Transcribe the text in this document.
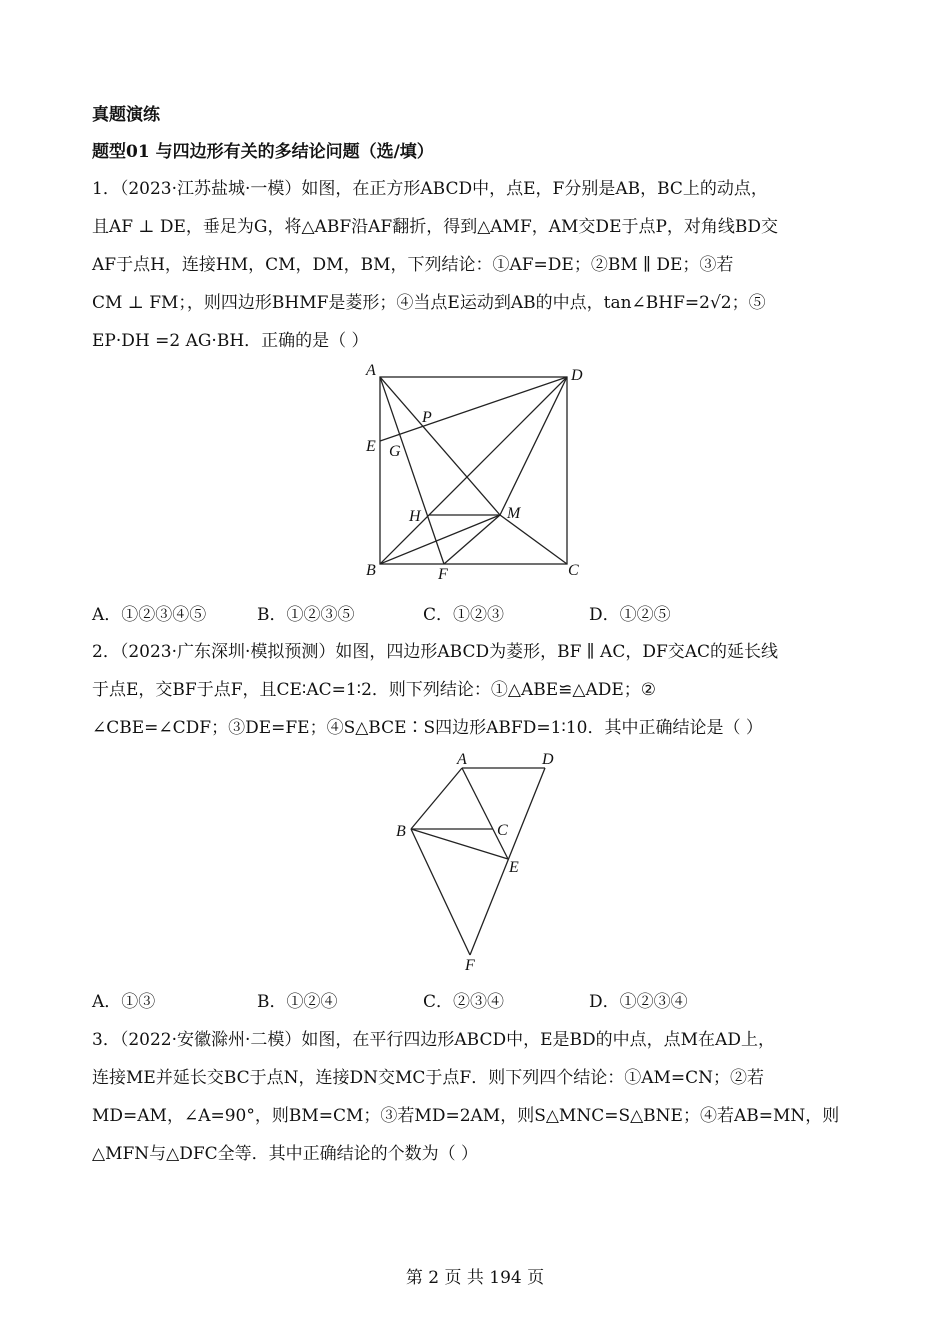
真题演练
题型01 与四边形有关的多结论问题（选/填）
1．（2023·江苏盐城·一模）如图，在正方形ABCD中，点E，F分别是AB，BC上的动点，
且AF ⊥ DE，垂足为G，将△ABF沿AF翻折，得到△AMF，AM交DE于点P，对角线BD交
AF于点H，连接HM，CM，DM，BM，下列结论：①AF=DE；②BM ∥ DE；③若
CM ⊥ FM；，则四边形BHMF是菱形；④当点E运动到AB的中点，tan∠BHF=2√2；⑤
EP·DH =2 AG·BH．正确的是（ ）
A	D
P
E G
H	M
B	F	C
A．①②③④⑤	B．①②③⑤	C．①②③	D．①②⑤
2．（2023·广东深圳·模拟预测）如图，四边形ABCD为菱形，BF ∥ AC，DF交AC的延长线
于点E，交BF于点F，且CE∶AC=1∶2．则下列结论：①△ABE≌△ADE；②
∠CBE=∠CDF；③DE=FE；④S△BCE∶S四边形ABFD=1∶10．其中正确结论是（ ）
A	D
B	C
E
F
A．①③	B．①②④	C．②③④	D．①②③④
3．（2022·安徽滁州·二模）如图，在平行四边形ABCD中，E是BD的中点，点M在AD上，
连接ME并延长交BC于点N，连接DN交MC于点F．则下列四个结论：①AM=CN；②若
MD=AM，∠A=90°，则BM=CM；③若MD=2AM，则S△MNC=S△BNE；④若AB=MN，则
△MFN与△DFC全等．其中正确结论的个数为（ ）
第 2 页 共 194 页
